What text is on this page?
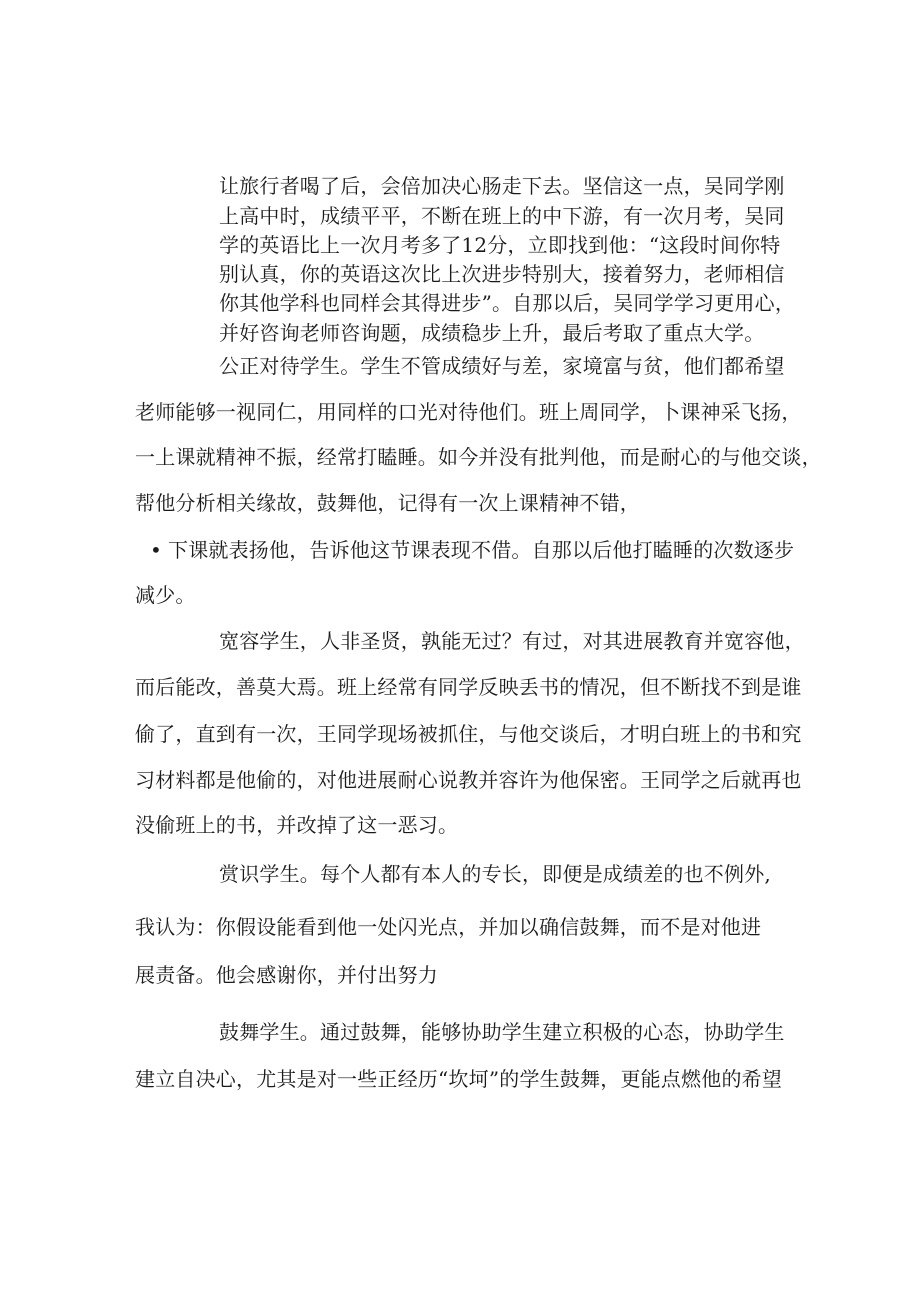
让旅行者喝了后，会倍加决心肠走下去。坚信这一点，吴同学刚
上高中时，成绩平平，不断在班上的中下游，有一次月考，吴同
学的英语比上一次月考多了12分，立即找到他：“这段时间你特
别认真，你的英语这次比上次进步特别大，接着努力，老师相信
你其他学科也同样会其得进步”。自那以后，吴同学学习更用心，
并好咨询老师咨询题，成绩稳步上升，最后考取了重点大学。
公正对待学生。学生不管成绩好与差，家境富与贫，他们都希望
老师能够一视同仁，用同样的口光对待他们。班上周同学，卜课神采飞扬，
一上课就精神不振，经常打瞌睡。如今并没有批判他，而是耐心的与他交谈，
帮他分析相关缘故，鼓舞他，记得有一次上课精神不错，
• 下课就表扬他，告诉他这节课表现不借。自那以后他打瞌睡的次数逐步
减少。
宽容学生，人非圣贤，孰能无过？有过，对其进展教育并宽容他，
而后能改，善莫大焉。班上经常有同学反映丢书的情况，但不断找不到是谁
偷了，直到有一次，王同学现场被抓住，与他交谈后，才明白班上的书和究
习材料都是他偷的，对他进展耐心说教并容许为他保密。王同学之后就再也
没偷班上的书，并改掉了这一恶习。
赏识学生。每个人都有本人的专长，即便是成绩差的也不例外,
我认为：你假设能看到他一处闪光点，并加以确信鼓舞，而不是对他进
展责备。他会感谢你，并付出努力
鼓舞学生。通过鼓舞，能够协助学生建立积极的心态，协助学生
建立自决心，尤其是对一些正经历“坎坷”的学生鼓舞，更能点燃他的希望
